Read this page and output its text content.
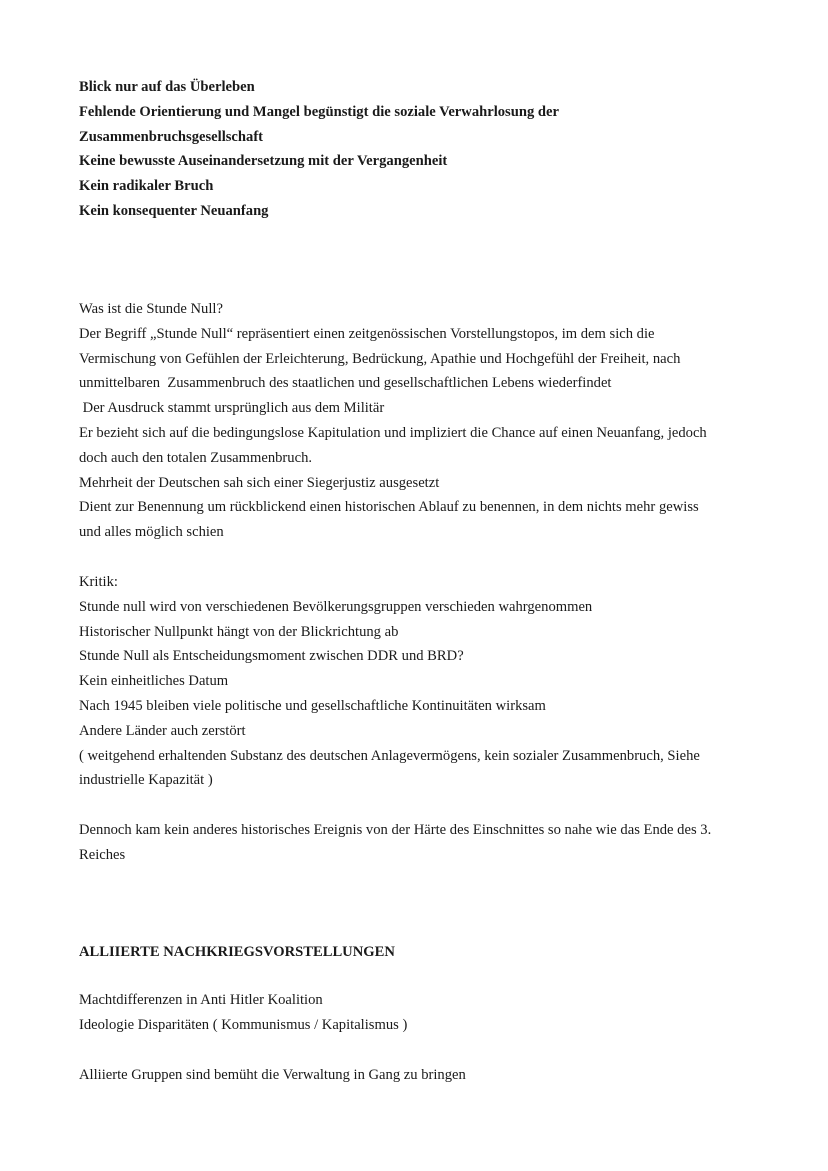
Blick nur auf das Überleben
Fehlende Orientierung und Mangel begünstigt die soziale Verwahrlosung der
Zusammenbruchsgesellschaft
Keine bewusste Auseinandersetzung mit der Vergangenheit
Kein radikaler Bruch
Kein konsequenter Neuanfang
Was ist die Stunde Null?
Der Begriff „Stunde Null“ repräsentiert einen zeitgenössischen Vorstellungstopos, im dem sich die
Vermischung von Gefühlen der Erleichterung, Bedrückung, Apathie und Hochgefühl der Freiheit, nach
unmittelbaren  Zusammenbruch des staatlichen und gesellschaftlichen Lebens wiederfindet
Der Ausdruck stammt ursprünglich aus dem Militär
Er bezieht sich auf die bedingungslose Kapitulation und impliziert die Chance auf einen Neuanfang, jedoch
doch auch den totalen Zusammenbruch.
Mehrheit der Deutschen sah sich einer Siegerjustiz ausgesetzt
Dient zur Benennung um rückblickend einen historischen Ablauf zu benennen, in dem nichts mehr gewiss
und alles möglich schien
Kritik:
Stunde null wird von verschiedenen Bevölkerungsgruppen verschieden wahrgenommen
Historischer Nullpunkt hängt von der Blickrichtung ab
Stunde Null als Entscheidungsmoment zwischen DDR und BRD?
Kein einheitliches Datum
Nach 1945 bleiben viele politische und gesellschaftliche Kontinuitäten wirksam
Andere Länder auch zerstört
( weitgehend erhaltenden Substanz des deutschen Anlagevermögens, kein sozialer Zusammenbruch, Siehe
industrielle Kapazität )
Dennoch kam kein anderes historisches Ereignis von der Härte des Einschnittes so nahe wie das Ende des 3.
Reiches
ALLIIERTE NACHKRIEGSVORSTELLUNGEN
Machtdifferenzen in Anti Hitler Koalition
Ideologie Disparitäten ( Kommunismus / Kapitalismus )
Alliierte Gruppen sind bemüht die Verwaltung in Gang zu bringen
